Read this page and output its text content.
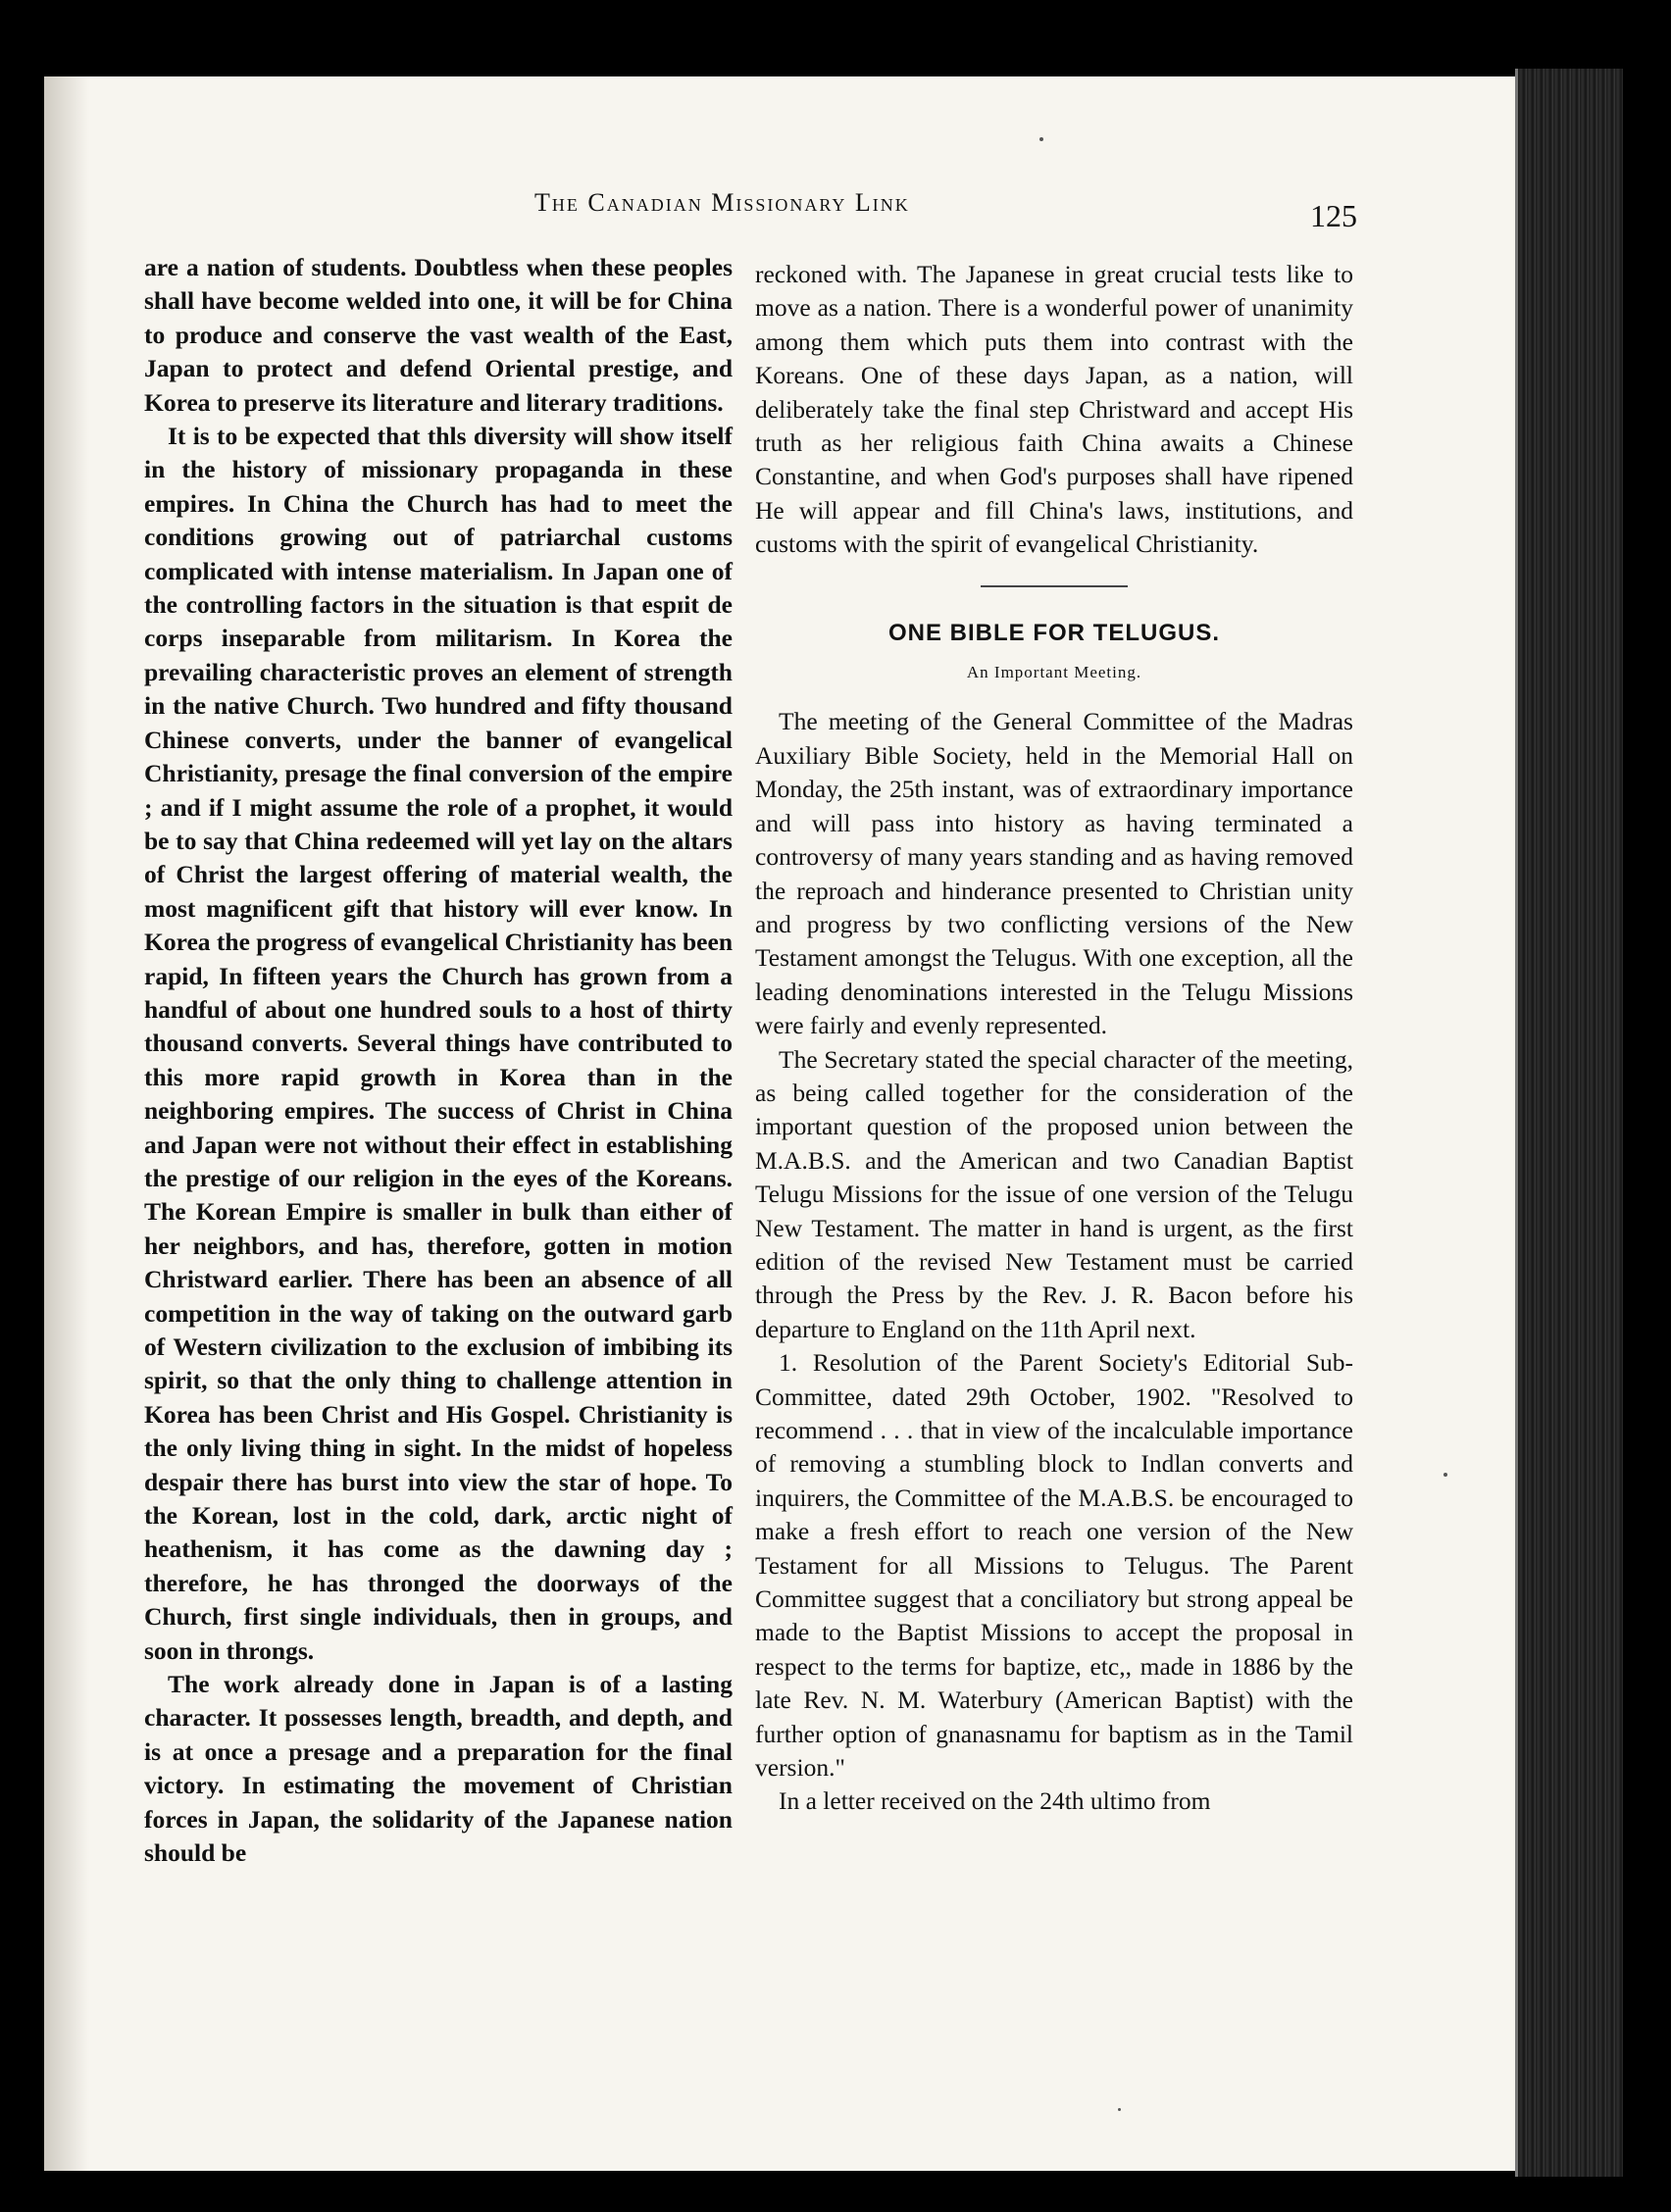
The Canadian Missionary Link	125

are a nation of students. Doubtless when these peoples shall have become welded into one, it will be for China to produce and conserve the vast wealth of the East, Japan to protect and defend Oriental prestige, and Korea to preserve its literature and literary traditions.

It is to be expected that thls diversity will show itself in the history of missionary propaganda in these empires. In China the Church has had to meet the conditions growing out of patriarchal customs complicated with intense materialism. In Japan one of the controlling factors in the situation is that espɪit de corps inseparable from militarism. In Korea the prevailing characteristic proves an element of strength in the native Church. Two hundred and fifty thousand Chinese converts, under the banner of evangelical Christianity, presage the final conversion of the empire ; and if I might assume the role of a prophet, it would be to say that China redeemed will yet lay on the altars of Christ the largest offering of material wealth, the most magnificent gift that history will ever know. In Korea the progress of evangelical Christianity has been rapid, In fifteen years the Church has grown from a handful of about one hundred souls to a host of thirty thousand converts. Several things have contributed to this more rapid growth in Korea than in the neighboring empires. The success of Christ in China and Japan were not without their effect in establishing the prestige of our religion in the eyes of the Koreans. The Korean Empire is smaller in bulk than either of her neighbors, and has, therefore, gotten in motion Christward earlier. There has been an absence of all competition in the way of taking on the outward garb of Western civilization to the exclusion of imbibing its spirit, so that the only thing to challenge attention in Korea has been Christ and His Gospel. Christianity is the only living thing in sight. In the midst of hopeless despair there has burst into view the star of hope. To the Korean, lost in the cold, dark, arctic night of heathenism, it has come as the dawning day ; therefore, he has thronged the doorways of the Church, first single individuals, then in groups, and soon in throngs.

The work already done in Japan is of a lasting character. It possesses length, breadth, and depth, and is at once a presage and a preparation for the final victory. In estimating the movement of Christian forces in Japan, the solidarity of the Japanese nation should be

reckoned with. The Japanese in great crucial tests like to move as a nation. There is a wonderful power of unanimity among them which puts them into contrast with the Koreans. One of these days Japan, as a nation, will deliberately take the final step Christward and accept His truth as her religious faith China awaits a Chinese Constantine, and when God's purposes shall have ripened He will appear and fill China's laws, institutions, and customs with the spirit of evangelical Christianity.

ONE BIBLE FOR TELUGUS.
An Important Meeting.

The meeting of the General Committee of the Madras Auxiliary Bible Society, held in the Memorial Hall on Monday, the 25th instant, was of extraordinary importance and will pass into history as having terminated a controversy of many years standing and as having removed the reproach and hinderance presented to Christian unity and progress by two conflicting versions of the New Testament amongst the Telugus. With one exception, all the leading denominations interested in the Telugu Missions were fairly and evenly represented.

The Secretary stated the special character of the meeting, as being called together for the consideration of the important question of the proposed union between the M.A.B.S. and the American and two Canadian Baptist Telugu Missions for the issue of one version of the Telugu New Testament. The matter in hand is urgent, as the first edition of the revised New Testament must be carried through the Press by the Rev. J. R. Bacon before his departure to England on the 11th April next.

1. Resolution of the Parent Society's Editorial Sub-Committee, dated 29th October, 1902. "Resolved to recommend . . . that in view of the incalculable importance of removing a stumbling block to Indlan converts and inquirers, the Committee of the M.A.B.S. be encouraged to make a fresh effort to reach one version of the New Testament for all Missions to Telugus. The Parent Committee suggest that a conciliatory but strong appeal be made to the Baptist Missions to accept the proposal in respect to the terms for baptize, etc,, made in 1886 by the late Rev. N. M. Waterbury (American Baptist) with the further option of gnanasnamu for baptism as in the Tamil version."

In a letter received on the 24th ultimo from
